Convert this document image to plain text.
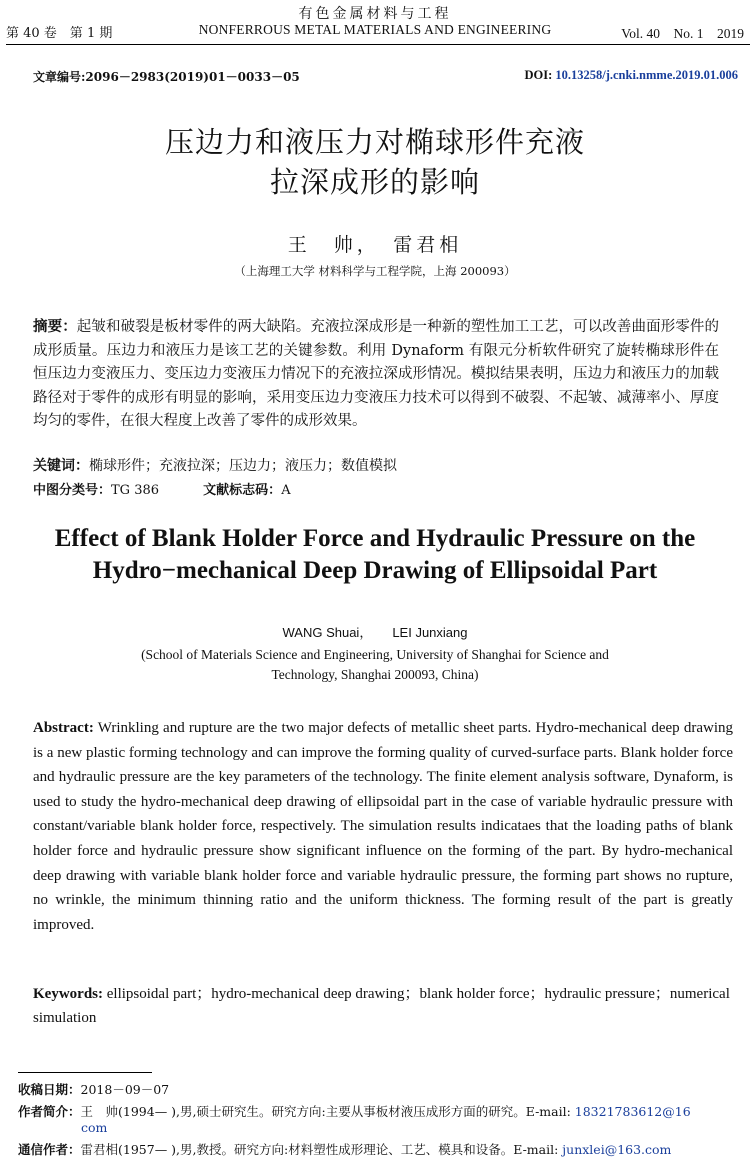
有色金属材料与工程
第 40 卷　第 1 期	NONFERROUS METAL MATERIALS AND ENGINEERING	Vol. 40　No. 1　2019
文章编号:2096－2983(2019)01－0033－05	DOI: 10.13258/j.cnki.nmme.2019.01.006
压边力和液压力对椭球形件充液
拉深成形的影响
王　帅，　雷君相
（上海理工大学 材料科学与工程学院，上海 200093）
摘要：起皱和破裂是板材零件的两大缺陷。充液拉深成形是一种新的塑性加工工艺，可以改善曲面形零件的成形质量。压边力和液压力是该工艺的关键参数。利用 Dynaform 有限元分析软件研究了旋转椭球形件在恒压边力变液压力、变压边力变液压力情况下的充液拉深成形情况。模拟结果表明，压边力和液压力的加载路径对于零件的成形有明显的影响，采用变压边力变液压力技术可以得到不破裂、不起皱、减薄率小、厚度均匀的零件，在很大程度上改善了零件的成形效果。
关键词：椭球形件；充液拉深；压边力；液压力；数值模拟
中图分类号：TG 386	文献标志码：A
Effect of Blank Holder Force and Hydraulic Pressure on the
Hydro−mechanical Deep Drawing of Ellipsoidal Part
WANG Shuai， LEI Junxiang
(School of Materials Science and Engineering, University of Shanghai for Science and
Technology, Shanghai 200093, China)
Abstract: Wrinkling and rupture are the two major defects of metallic sheet parts. Hydro-mechanical deep drawing is a new plastic forming technology and can improve the forming quality of curved-surface parts. Blank holder force and hydraulic pressure are the key parameters of the technology. The finite element analysis software, Dynaform, is used to study the hydro-mechanical deep drawing of ellipsoidal part in the case of variable hydraulic pressure with constant/variable blank holder force, respectively. The simulation results indicataes that the loading paths of blank holder force and hydraulic pressure show significant influence on the forming of the part. By hydro-mechanical deep drawing with variable blank holder force and variable hydraulic pressure, the forming part shows no rupture, no wrinkle, the minimum thinning ratio and the uniform thickness. The forming result of the part is greatly improved.
Keywords: ellipsoidal part；hydro-mechanical deep drawing；blank holder force；hydraulic pressure；numerical simulation
收稿日期：2018－09－07
作者简介：王　帅(1994— ),男,硕士研究生。研究方向:主要从事板材液压成形方面的研究。E-mail: 18321783612@16
com
通信作者：雷君相(1957— ),男,教授。研究方向:材料塑性成形理论、工艺、模具和设备。E-mail: junxlei@163.com
